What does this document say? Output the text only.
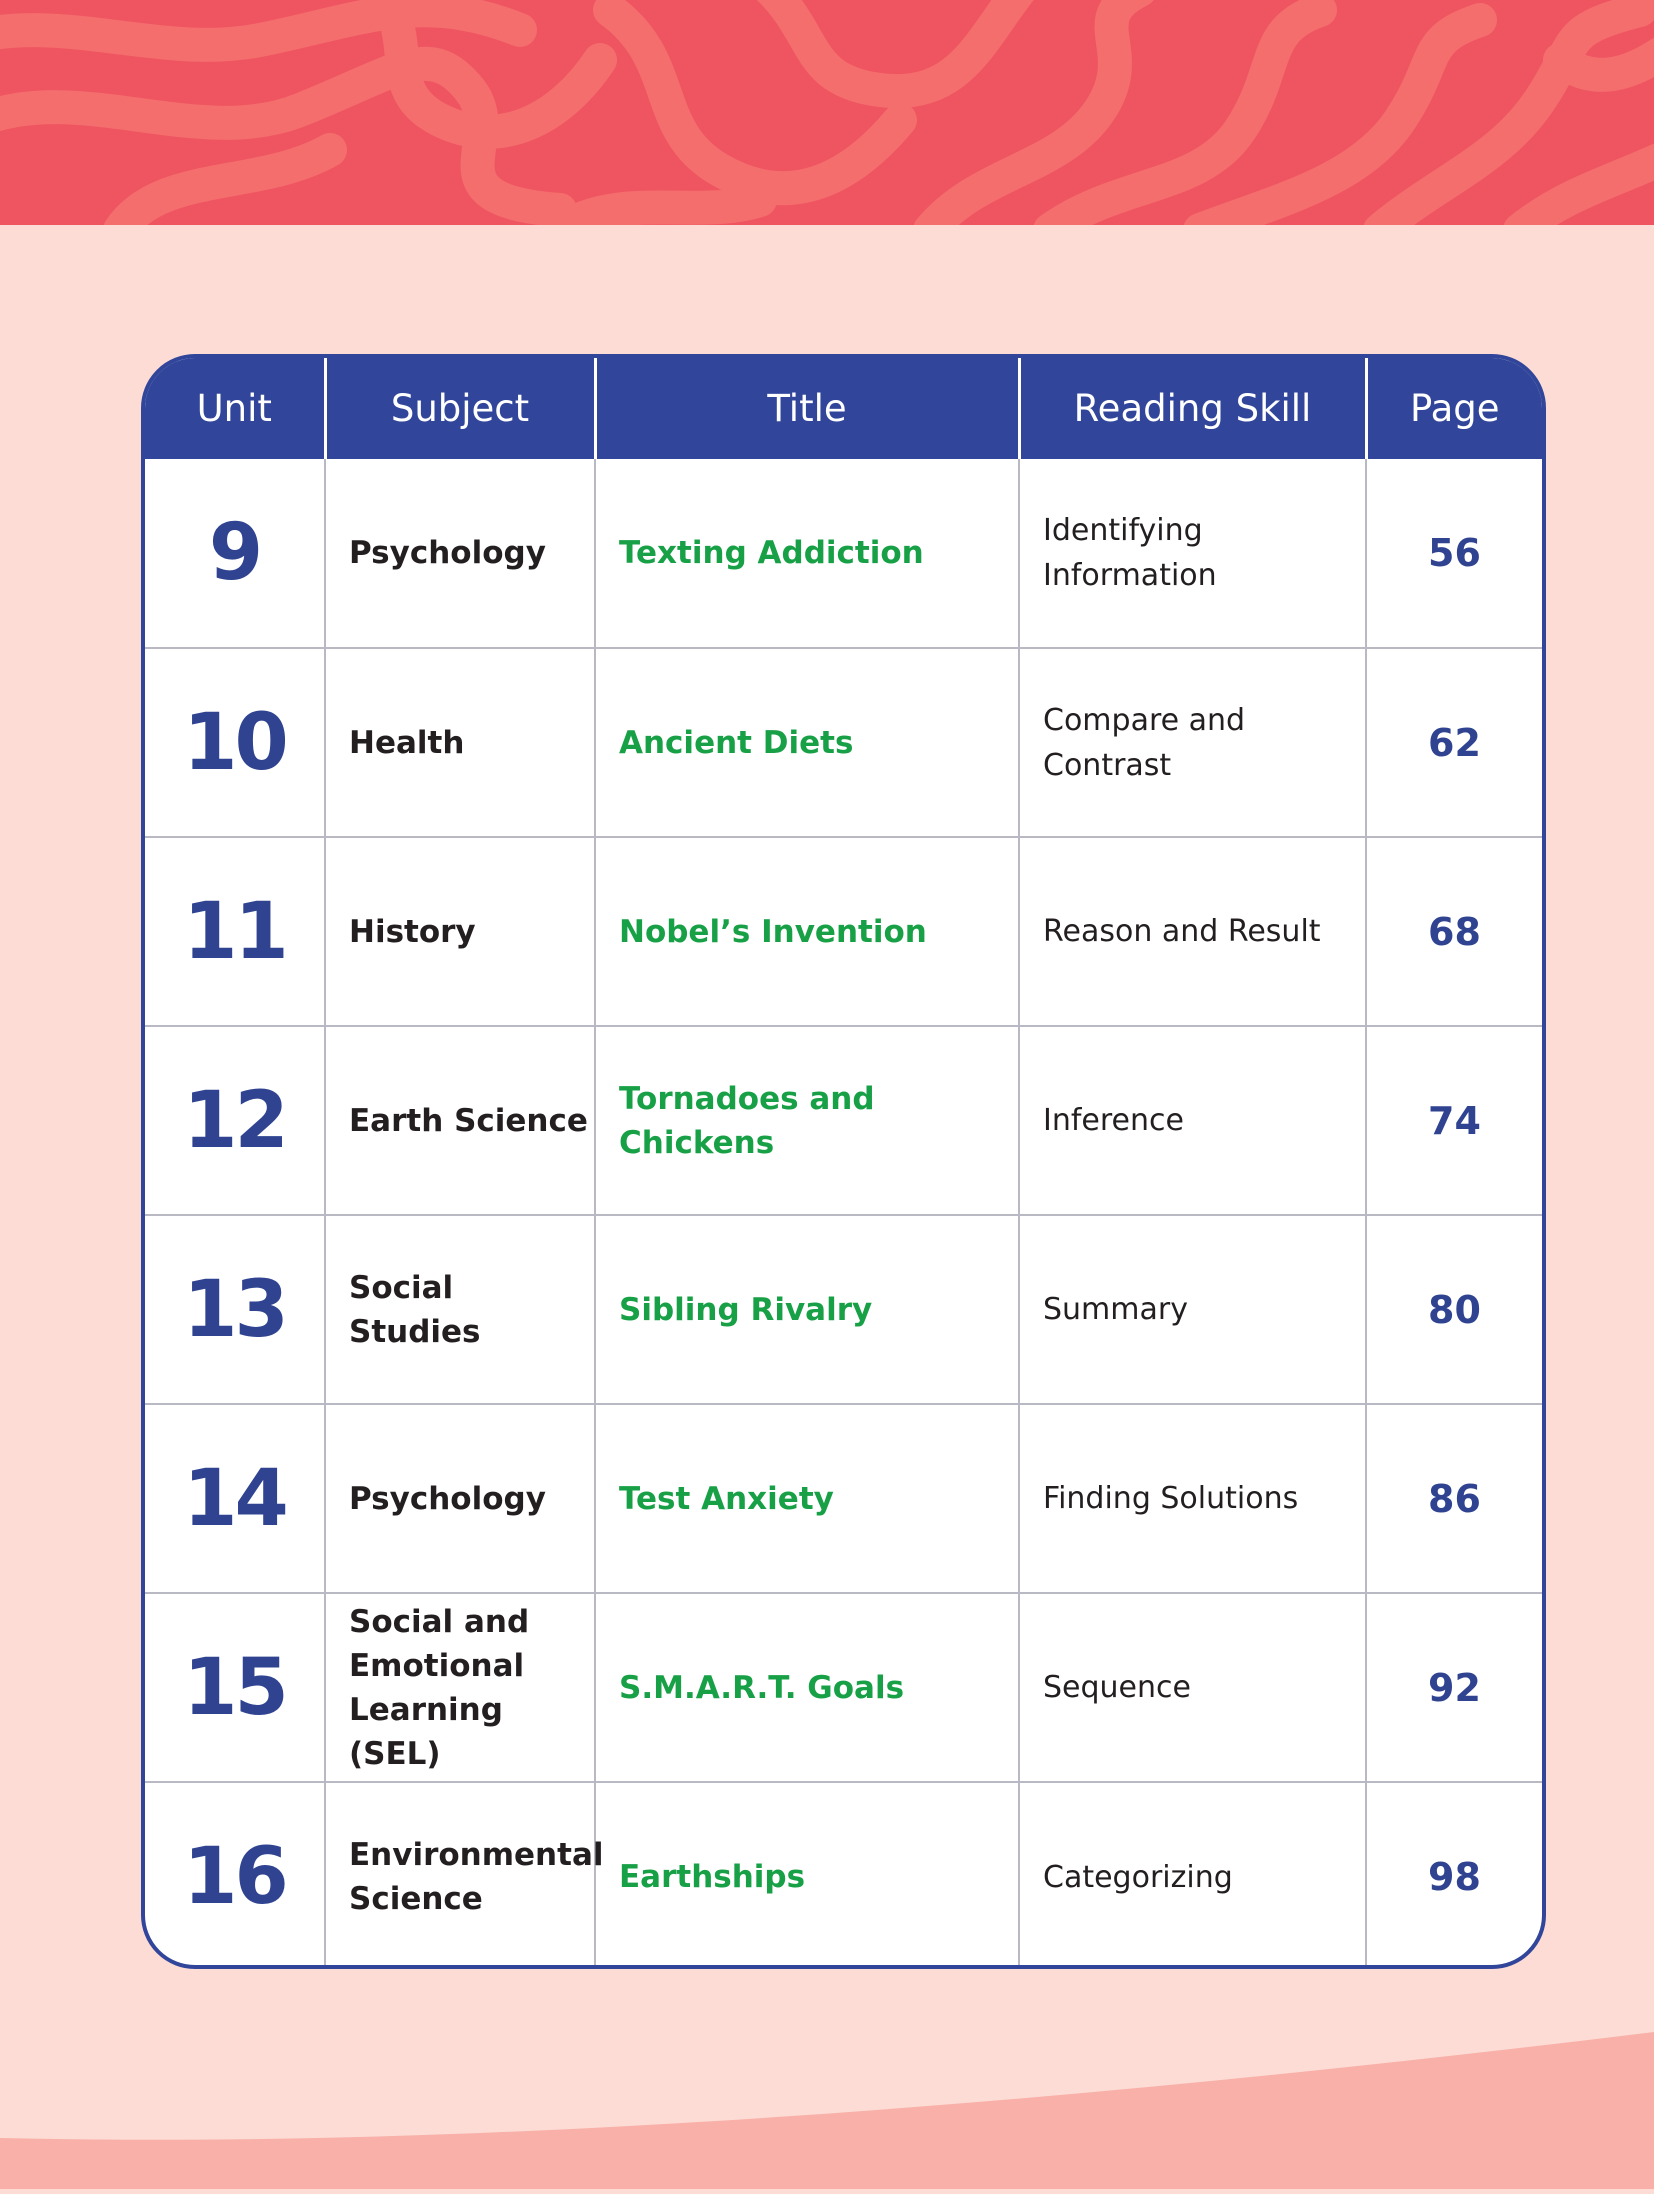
Unit	Subject	Title	Reading Skill	Page
9	Psychology	Texting Addiction	Identifying Information	56
10	Health	Ancient Diets	Compare and Contrast	62
11	History	Nobel’s Invention	Reason and Result	68
12	Earth Science	Tornadoes and Chickens	Inference	74
13	Social Studies	Sibling Rivalry	Summary	80
14	Psychology	Test Anxiety	Finding Solutions	86
15	Social and Emotional Learning (SEL)	S.M.A.R.T. Goals	Sequence	92
16	Environmental Science	Earthships	Categorizing	98
